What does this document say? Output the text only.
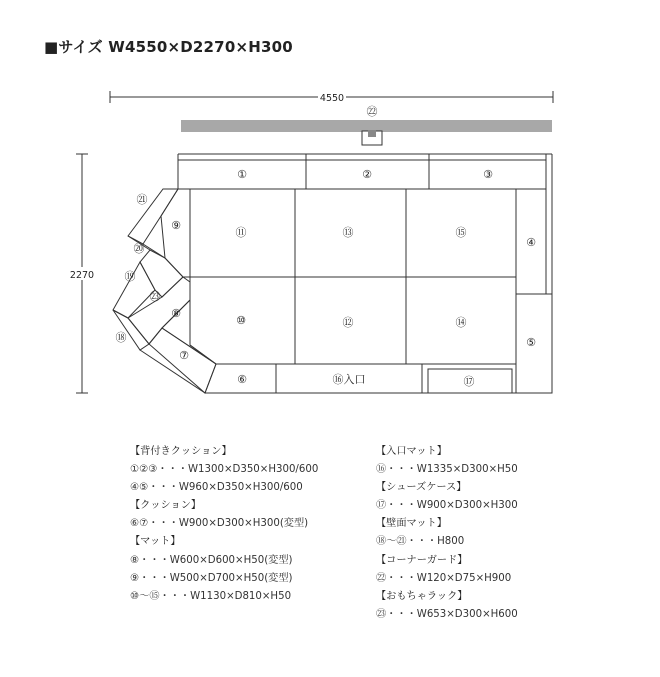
■サイズ W4550×D2270×H300
4550
2270
㉒
①	②	③
④
⑤
⑥
⑦
⑧
⑨
⑩
⑪
⑫
⑬
⑭
⑮
⑯入口	⑰
⑱
⑲
⑳
㉑
㉓
【背付きクッション】
①②③・・・W1300×D350×H300/600
④⑤・・・W960×D350×H300/600
【クッション】
⑥⑦・・・W900×D300×H300(変型)
【マット】
⑧・・・W600×D600×H50(変型)
⑨・・・W500×D700×H50(変型)
⑩～⑮・・・W1130×D810×H50
【入口マット】
⑯・・・W1335×D300×H50
【シューズケース】
⑰・・・W900×D300×H300
【壁面マット】
⑱～㉑・・・H800
【コーナーガード】
㉒・・・W120×D75×H900
【おもちゃラック】
㉓・・・W653×D300×H600
